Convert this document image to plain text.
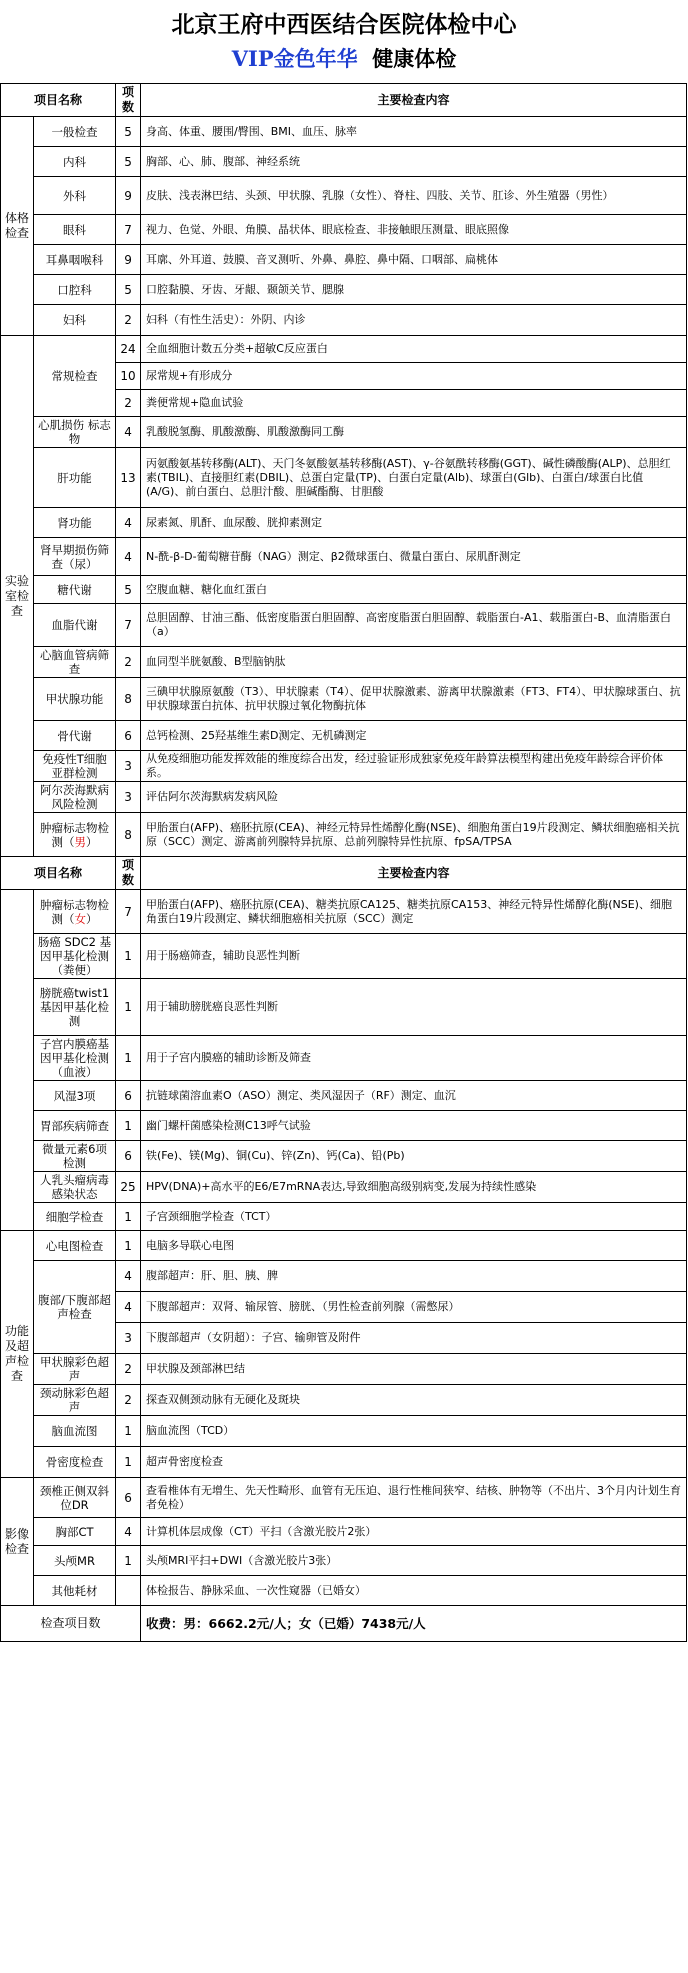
北京王府中西医结合医院体检中心
VIP金色年华 健康体检
项目名称		项数	主要检查内容
体格检查	一般检查	5	身高、体重、腰围/臀围、BMI、血压、脉率
	内科	5	胸部、心、肺、腹部、神经系统
	外科	9	皮肤、浅表淋巴结、头颈、甲状腺、乳腺（女性）、脊柱、四肢、关节、肛诊、外生殖器（男性）
	眼科	7	视力、色觉、外眼、角膜、晶状体、眼底检查、非接触眼压测量、眼底照像
	耳鼻咽喉科	9	耳廓、外耳道、鼓膜、音叉测听、外鼻、鼻腔、鼻中隔、口咽部、扁桃体
	口腔科	5	口腔黏膜、牙齿、牙龈、颞颌关节、腮腺
	妇科	2	妇科（有性生活史）：外阴、内诊
实验室检查	常规检查	24	全血细胞计数五分类+超敏C反应蛋白
		10	尿常规+有形成分
		2	粪便常规+隐血试验
	心肌损伤 标志物	4	乳酸脱氢酶、肌酸激酶、肌酸激酶同工酶
	肝功能	13	丙氨酸氨基转移酶(ALT)、天门冬氨酸氨基转移酶(AST)、γ-谷氨酰转移酶(GGT)、碱性磷酸酶(ALP)、总胆红素(TBIL)、直接胆红素(DBIL)、总蛋白定量(TP)、白蛋白定量(Alb)、球蛋白(Glb)、白蛋白/球蛋白比值(A/G)、前白蛋白、总胆汁酸、胆碱酯酶、甘胆酸
	肾功能	4	尿素氮、肌酐、血尿酸、胱抑素测定
	肾早期损伤筛查（尿）	4	N-酰-β-D-葡萄糖苷酶（NAG）测定、β2微球蛋白、微量白蛋白、尿肌酐测定
	糖代谢	5	空腹血糖、糖化血红蛋白
	血脂代谢	7	总胆固醇、甘油三酯、低密度脂蛋白胆固醇、高密度脂蛋白胆固醇、载脂蛋白-A1、载脂蛋白-B、血清脂蛋白（a）
	心脑血管病筛查	2	血同型半胱氨酸、B型脑钠肽
	甲状腺功能	8	三碘甲状腺原氨酸（T3）、甲状腺素（T4）、促甲状腺激素、游离甲状腺激素（FT3、FT4）、甲状腺球蛋白、抗甲状腺球蛋白抗体、抗甲状腺过氧化物酶抗体
	骨代谢	6	总钙检测、25羟基维生素D测定、无机磷测定
	免疫性T细胞亚群检测	3	从免疫细胞功能发挥效能的维度综合出发，经过验证形成独家免疫年龄算法模型构建出免疫年龄综合评价体系。
	阿尔茨海默病风险检测	3	评估阿尔茨海默病发病风险
	肿瘤标志物检测（男）	8	甲胎蛋白(AFP)、癌胚抗原(CEA)、神经元特异性烯醇化酶(NSE)、细胞角蛋白19片段测定、鳞状细胞癌相关抗原（SCC）测定、游离前列腺特异抗原、总前列腺特异性抗原、fpSA/TPSA
项目名称		项数	主要检查内容
	肿瘤标志物检测（女）	7	甲胎蛋白(AFP)、癌胚抗原(CEA)、糖类抗原CA125、糖类抗原CA153、神经元特异性烯醇化酶(NSE)、细胞角蛋白19片段测定、鳞状细胞癌相关抗原（SCC）测定
	肠癌 SDC2 基因甲基化检测（粪便）	1	用于肠癌筛查，辅助良恶性判断
	膀胱癌twist1 基因甲基化检测	1	用于辅助膀胱癌良恶性判断
	子宫内膜癌基因甲基化检测（血液）	1	用于子宫内膜癌的辅助诊断及筛查
	风湿3项	6	抗链球菌溶血素O（ASO）测定、类风湿因子（RF）测定、血沉
	胃部疾病筛查	1	幽门螺杆菌感染检测C13呼气试验
	微量元素6项检测	6	铁(Fe)、镁(Mg)、铜(Cu)、锌(Zn)、钙(Ca)、铅(Pb)
	人乳头瘤病毒感染状态	25	HPV(DNA)+高水平的E6/E7mRNA表达,导致细胞高级别病变,发展为持续性感染
	细胞学检查	1	子宫颈细胞学检查（TCT）
功能及超声检查	心电图检查	1	电脑多导联心电图
	腹部/下腹部超声检查	4	腹部超声：肝、胆、胰、脾
		4	下腹部超声：双肾、输尿管、膀胱、（男性检查前列腺（需憋尿）
		3	下腹部超声（女阴超）：子宫、输卵管及附件
	甲状腺彩色超声	2	甲状腺及颈部淋巴结
	颈动脉彩色超声	2	探查双侧颈动脉有无硬化及斑块
	脑血流图	1	脑血流图（TCD）
	骨密度检查	1	超声骨密度检查
影像检查	颈椎正侧双斜位DR	6	查看椎体有无增生、先天性畸形、血管有无压迫、退行性椎间狭窄、结核、肿物等（不出片、3个月内计划生育者免检）
	胸部CT	4	计算机体层成像（CT）平扫（含激光胶片2张）
	头颅MR	1	头颅MRI平扫+DWI（含激光胶片3张）
	其他耗材		体检报告、静脉采血、一次性窥器（已婚女）
检查项目数			收费：男：6662.2元/人；女（已婚）7438元/人
